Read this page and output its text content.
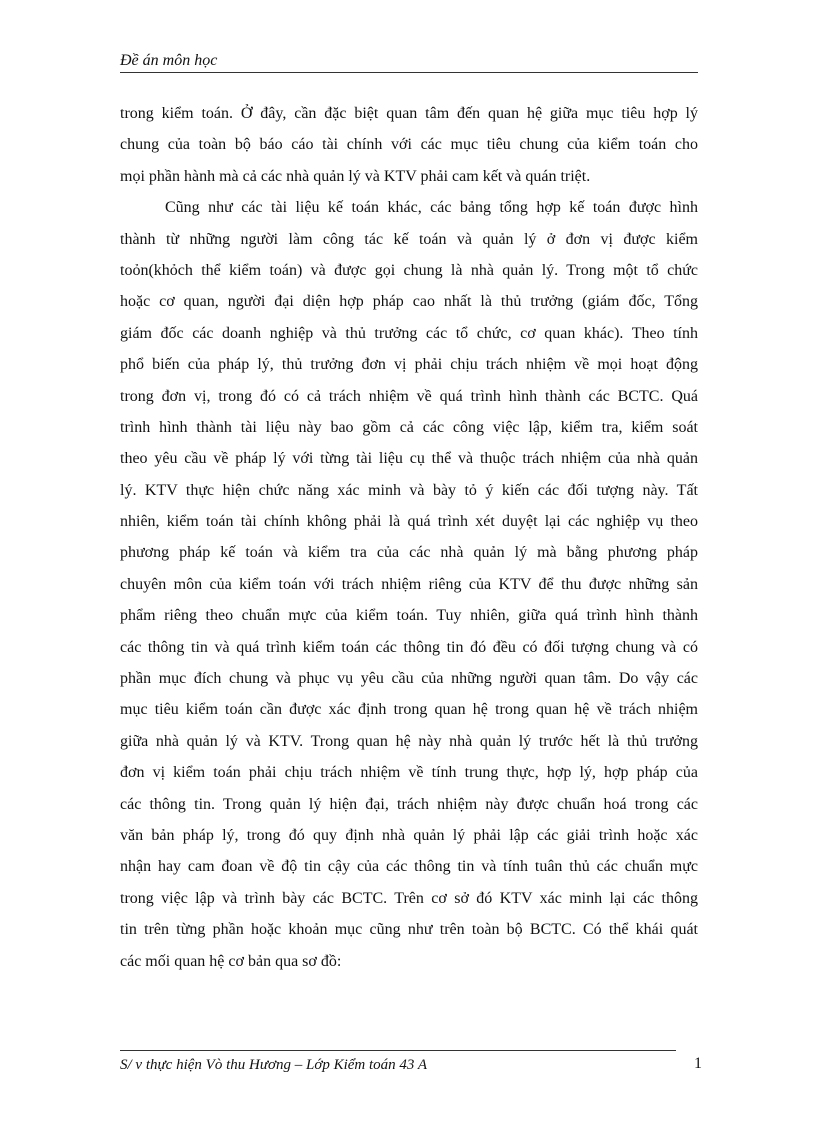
Đề án môn học
trong kiểm toán. Ở đây, cần đặc biệt quan tâm đến quan hệ giữa mục tiêu hợp lý
chung của toàn bộ báo cáo tài chính với các mục tiêu chung của kiểm toán cho
mọi phần hành mà cả các nhà quản lý và KTV phải cam kết và quán triệt.
Cũng như các tài liệu kế toán khác, các bảng tổng hợp kế toán được hình
thành từ những người làm công tác kế toán và quản lý ở đơn vị được kiểm
toỏn(khỏch thể kiểm toán) và được gọi chung là nhà quản lý. Trong một tổ chức
hoặc cơ quan, người đại diện hợp pháp cao nhất là thủ trưởng (giám đốc, Tổng
giám đốc các doanh nghiệp và thủ trưởng các tổ chức, cơ quan khác). Theo tính
phổ biến của pháp lý, thủ trưởng đơn vị phải chịu trách nhiệm về mọi hoạt động
trong đơn vị, trong đó có cả trách nhiệm về quá trình hình thành các BCTC. Quá
trình hình thành tài liệu này bao gồm cả các công việc lập, kiểm tra, kiểm soát
theo yêu cầu về pháp lý với từng tài liệu cụ thể và thuộc trách nhiệm của nhà quản
lý. KTV thực hiện chức năng xác minh và bày tỏ ý kiến các đối tượng này. Tất
nhiên, kiểm toán tài chính không phải là quá trình xét duyệt lại các nghiệp vụ theo
phương pháp kế toán và kiểm tra của các nhà quản lý mà bằng phương pháp
chuyên môn của kiểm toán với trách nhiệm riêng của KTV để thu được những sản
phẩm riêng theo chuẩn mực của kiểm toán. Tuy nhiên, giữa quá trình hình thành
các thông tin và quá trình kiểm toán các thông tin đó đều có đối tượng chung và có
phần mục đích chung và phục vụ yêu cầu của những người quan tâm. Do vậy các
mục tiêu kiểm toán cần được xác định trong quan hệ trong quan hệ về trách nhiệm
giữa nhà quản lý và KTV. Trong quan hệ này nhà quản lý trước hết là thủ trưởng
đơn vị kiểm toán phải chịu trách nhiệm về tính trung thực, hợp lý, hợp pháp của
các thông tin. Trong quản lý hiện đại, trách nhiệm này được chuẩn hoá trong các
văn bản pháp lý, trong đó quy định nhà quản lý phải lập các giải trình hoặc xác
nhận hay cam đoan về độ tin cậy của các thông tin và tính tuân thủ các chuẩn mực
trong việc lập và trình bày các BCTC. Trên cơ sở đó KTV xác minh lại các thông
tin trên từng phần hoặc khoản mục cũng như trên toàn bộ BCTC. Có thể khái quát
các mối quan hệ cơ bản qua sơ đồ:
S/ v thực hiện Vò thu Hương – Lớp Kiểm toán 43 A	1
